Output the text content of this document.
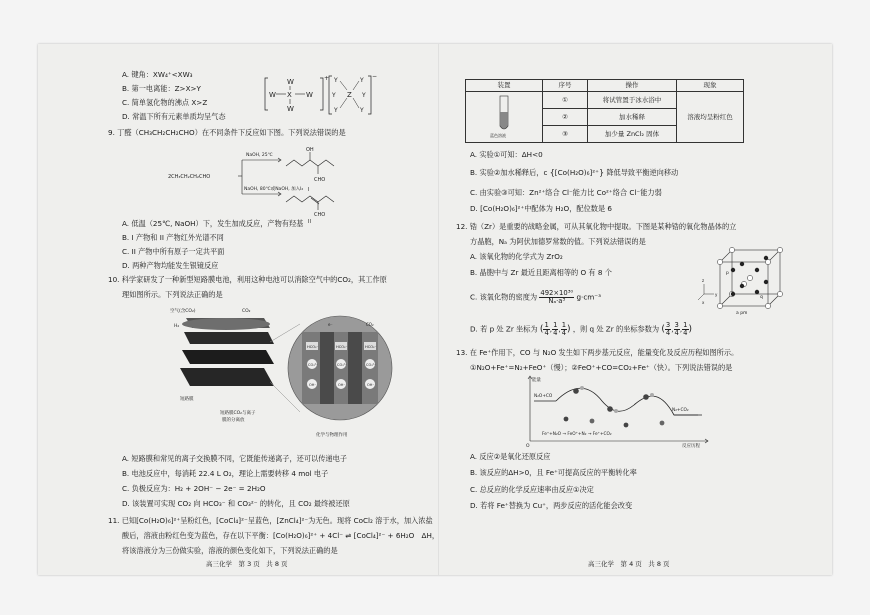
A. 键角：XW₄⁺<XW₃
B. 第一电离能：Z>X>Y
C. 简单氢化物的沸点 X>Z
D. 常温下所有元素单质均呈气态
W X
W
W
W
+ Y	Y
Y Z Y
Y	Y
−
9. 丁醛（CH₃CH₂CH₂CHO）在不同条件下反应如下图。下列说法错误的是
2CH₃CH₂CH₂CHO
NaOH, 25℃
NaOH, 80℃或NaOH, 加入I₂
OH
CHO
I
CHO
II
A. 低温（25℃, NaOH）下，发生加成反应，产物有羟基
B. I 产物和 II 产物红外光谱不同
C. II 产物中所有原子一定共平面
D. 两种产物均能发生银镜反应
10. 科学家研发了一种新型短路膜电池，利用这种电池可以消除空气中的CO₂，其工作原
理如图所示。下列说法正确的是
空气(含CO₂)	CO₂
H₂
短路膜
短路膜CO₂与离子
膜的分离放
HCO₃⁻	HCO₃⁻	HCO₃⁻
CO₃²⁻	CO₃²⁻	CO₃²⁻
OH⁻	OH⁻	OH⁻
e⁻	CO₂
化学与物理作用
A. 短路膜和常见的离子交换膜不同，它既能传递离子，还可以传递电子
B. 电池反应中，每消耗 22.4 L O₂，理论上需要转移 4 mol 电子
C. 负极反应为：H₂ + 2OH⁻ − 2e⁻ = 2H₂O
D. 该装置可实现 CO₂ 向 HCO₃⁻ 和 CO₃²⁻ 的转化，且 CO₂ 最终被还原
11. 已知[Co(H₂O)₆]²⁺呈粉红色，[CoCl₄]²⁻呈蓝色，[ZnCl₄]²⁻为无色。现将 CoCl₂ 溶于水，加入浓盐
酸后，溶液由粉红色变为蓝色，存在以下平衡：[Co(H₂O)₆]²⁺ + 4Cl⁻ ⇌ [CoCl₄]²⁻ + 6H₂O　ΔH，
将该溶液分为三份做实验，溶液的颜色变化如下，下列说法正确的是
高三化学　第 3 页　共 8 页
装置	序号	操作	现象

蓝色溶液	①	将试管置于冰水浴中	溶液均呈粉红色
	②	加水稀释	
	③	加少量 ZnCl₂ 固体	
A. 实验①可知：ΔH<0
B. 实验②加水稀释后，c {[Co(H₂O)₆]²⁺} 降低导致平衡逆向移动
C. 由实验③可知：Zn²⁺络合 Cl⁻能力比 Co²⁺络合 Cl⁻能力弱
D. [Co(H₂O)₆]²⁺中配体为 H₂O，配位数是 6
12. 锆（Zr）是重要的战略金属，可从其氧化物中提取。下图是某种锆的氧化物晶体的立
方晶胞，Nₐ 为阿伏加德罗常数的值。下列说法错误的是
A. 该氧化物的化学式为 ZrO₂
B. 晶胞中与 Zr 最近且距离相等的 O 有 8 个
C. 该氧化物的密度为 $\frac{\text{492×10³⁰}}{\text{Nₐ·a³}} g\cdot cm^{-3}$
D. 若 p 处 Zr 坐标为 ( $\frac{1}{4}$ , $\frac{1}{4}$ , $\frac{1}{4}$ ) ，则 q 处 Zr 的坐标参数为 ( $\frac{3}{4}$ , $\frac{3}{4}$ , $\frac{1}{4}$ )
p
q
a pm
z
y
x
13. 在 Fe⁺作用下，CO 与 N₂O 发生如下两步基元反应，能量变化及反应历程如图所示。
①N₂O+Fe⁺=N₂+FeO⁺（慢）；②FeO⁺+CO=CO₂+Fe⁺（快）。下列说法错误的是
能量
O	反应历程
N₂O+CO
N₂+CO₂
Fe⁺+N₂O → FeO⁺+N₂ → Fe⁺+CO₂
A. 反应②是氧化还原反应
B. 该反应的ΔH>0，且 Fe⁺可提高反应的平衡转化率
C. 总反应的化学反应速率由反应①决定
D. 若将 Fe⁺替换为 Cu⁺，两步反应的活化能会改变
高三化学　第 4 页　共 8 页
